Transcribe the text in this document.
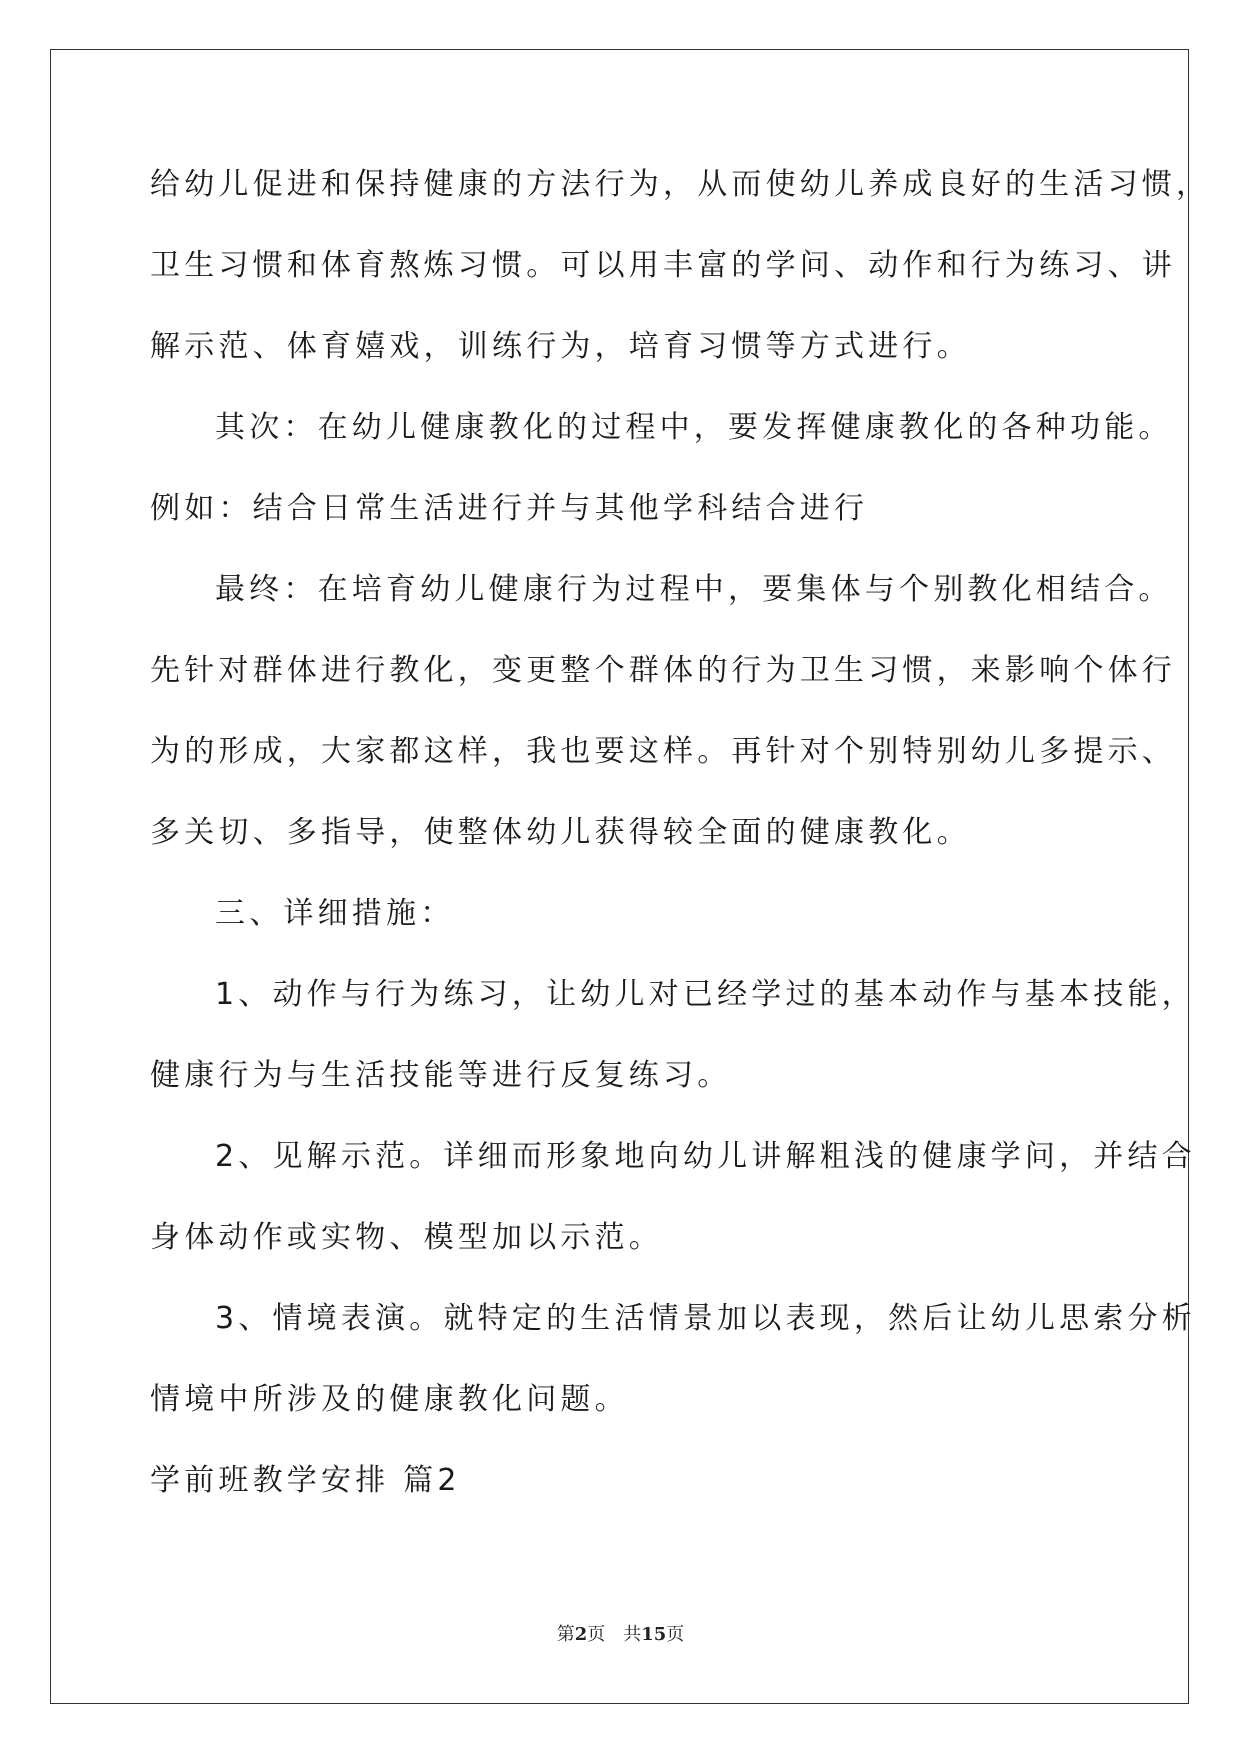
给幼儿促进和保持健康的方法行为，从而使幼儿养成良好的生活习惯，
卫生习惯和体育熬炼习惯。可以用丰富的学问、动作和行为练习、讲
解示范、体育嬉戏，训练行为，培育习惯等方式进行。
其次：在幼儿健康教化的过程中，要发挥健康教化的各种功能。
例如：结合日常生活进行并与其他学科结合进行
最终：在培育幼儿健康行为过程中，要集体与个别教化相结合。
先针对群体进行教化，变更整个群体的行为卫生习惯，来影响个体行
为的形成，大家都这样，我也要这样。再针对个别特别幼儿多提示、
多关切、多指导，使整体幼儿获得较全面的健康教化。
三、详细措施：
1、动作与行为练习，让幼儿对已经学过的基本动作与基本技能，
健康行为与生活技能等进行反复练习。
2、见解示范。详细而形象地向幼儿讲解粗浅的健康学问，并结合
身体动作或实物、模型加以示范。
3、情境表演。就特定的生活情景加以表现，然后让幼儿思索分析
情境中所涉及的健康教化问题。
学前班教学安排 篇2
第2页　共15页
